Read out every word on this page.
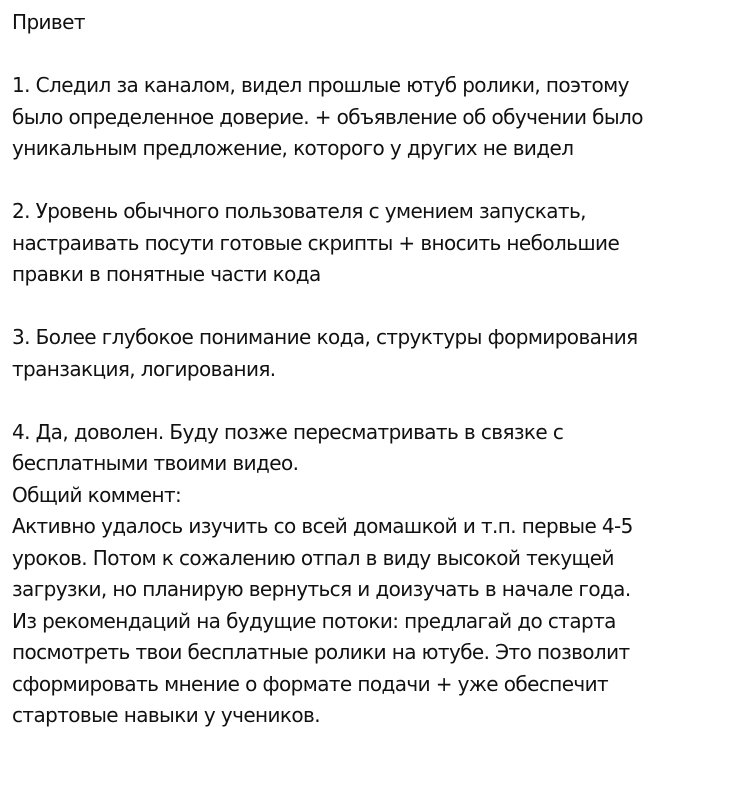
Привет

1. Следил за каналом, видел прошлые ютуб ролики, поэтому
было определенное доверие. + объявление об обучении было
уникальным предложение, которого у других не видел

2. Уровень обычного пользователя с умением запускать,
настраивать посути готовые скрипты + вносить небольшие
правки в понятные части кода

3. Более глубокое понимание кода, структуры формирования
транзакция, логирования.

4. Да, доволен. Буду позже пересматривать в связке с
бесплатными твоими видео.

Общий коммент:

Активно удалось изучить со всей домашкой и т.п. первые 4-5
уроков. Потом к сожалению отпал в виду высокой текущей
загрузки, но планирую вернуться и доизучать в начале года.
Из рекомендаций на будущие потоки: предлагай до старта
посмотреть твои бесплатные ролики на ютубе. Это позволит
сформировать мнение о формате подачи + уже обеспечит
стартовые навыки у учеников.
